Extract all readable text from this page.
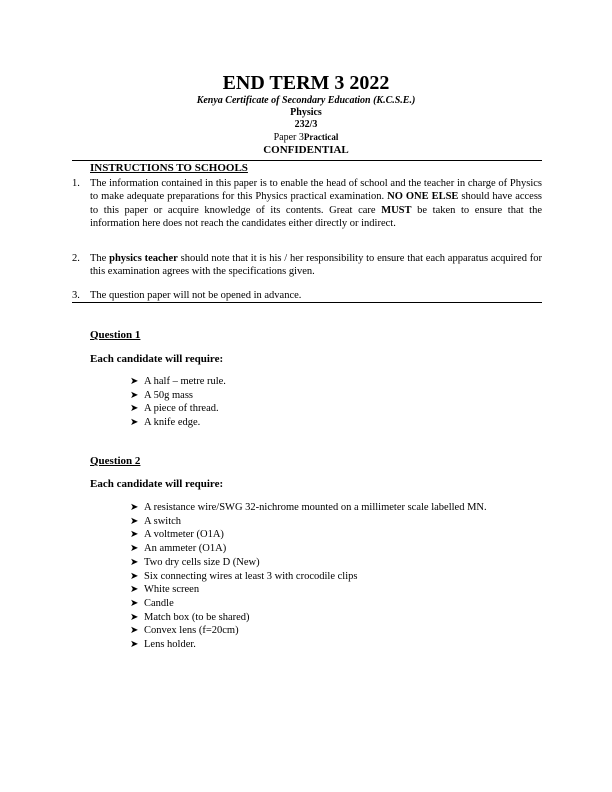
END TERM 3 2022
Kenya Certificate of Secondary Education (K.C.S.E.)
Physics
232/3
Paper 3Practical
CONFIDENTIAL
INSTRUCTIONS TO SCHOOLS
1. The information contained in this paper is to enable the head of school and the teacher in charge of Physics to make adequate preparations for this Physics practical examination. NO ONE ELSE should have access to this paper or acquire knowledge of its contents. Great care MUST be taken to ensure that the information here does not reach the candidates either directly or indirect.
2. The physics teacher should note that it is his / her responsibility to ensure that each apparatus acquired for this examination agrees with the specifications given.
3. The question paper will not be opened in advance.
Question 1
Each candidate will require:
➤ A half – metre rule.
➤ A 50g mass
➤ A piece of thread.
➤ A knife edge.
Question 2
Each candidate will require:
➤ A resistance wire/SWG 32-nichrome mounted on a millimeter scale labelled MN.
➤ A switch
➤ A voltmeter (O1A)
➤ An ammeter (O1A)
➤ Two dry cells size D (New)
➤ Six connecting wires at least 3 with crocodile clips
➤ White screen
➤ Candle
➤ Match box (to be shared)
➤ Convex lens (f=20cm)
➤ Lens holder.
